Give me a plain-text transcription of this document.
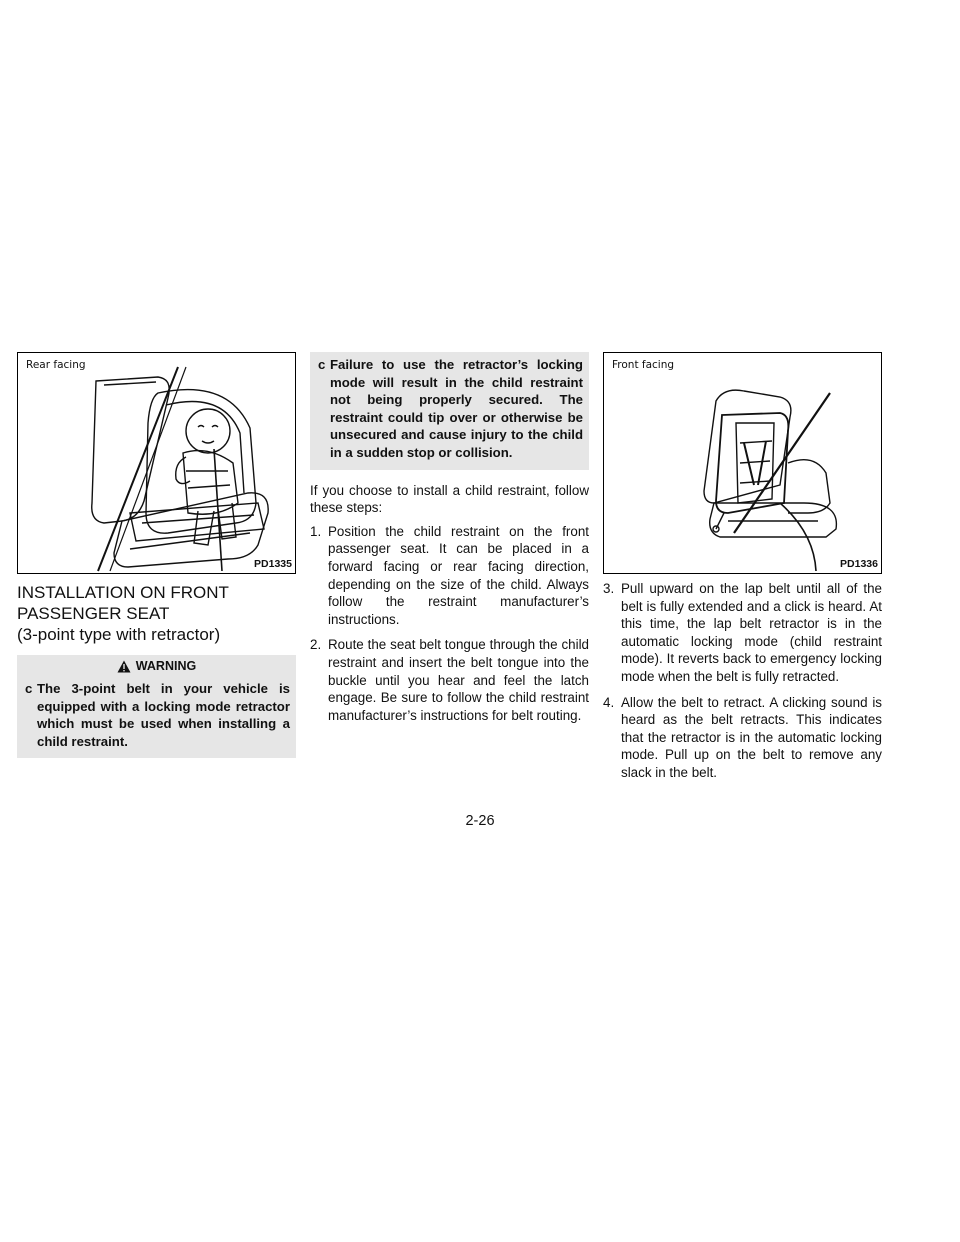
Rear facing
PD1335
INSTALLATION ON FRONT
PASSENGER SEAT
(3-point type with retractor)
WARNING
c The 3-point belt in your vehicle is equipped with a locking mode retractor which must be used when installing a child restraint.
c Failure to use the retractor’s locking mode will result in the child restraint not being properly secured. The restraint could tip over or otherwise be unsecured and cause injury to the child in a sudden stop or collision.

If you choose to install a child restraint, follow these steps:

1. Position the child restraint on the front passenger seat. It can be placed in a forward facing or rear facing direction, depending on the size of the child. Always follow the restraint manufacturer’s instructions.
2. Route the seat belt tongue through the child restraint and insert the belt tongue into the buckle until you hear and feel the latch engage. Be sure to follow the child restraint manufacturer’s instructions for belt routing.
Front facing
PD1336
3. Pull upward on the lap belt until all of the belt is fully extended and a click is heard. At this time, the lap belt retractor is in the automatic locking mode (child restraint mode). It reverts back to emergency locking mode when the belt is fully retracted.
4. Allow the belt to retract. A clicking sound is heard as the belt retracts. This indicates that the retractor is in the automatic locking mode. Pull up on the belt to remove any slack in the belt.
2-26
